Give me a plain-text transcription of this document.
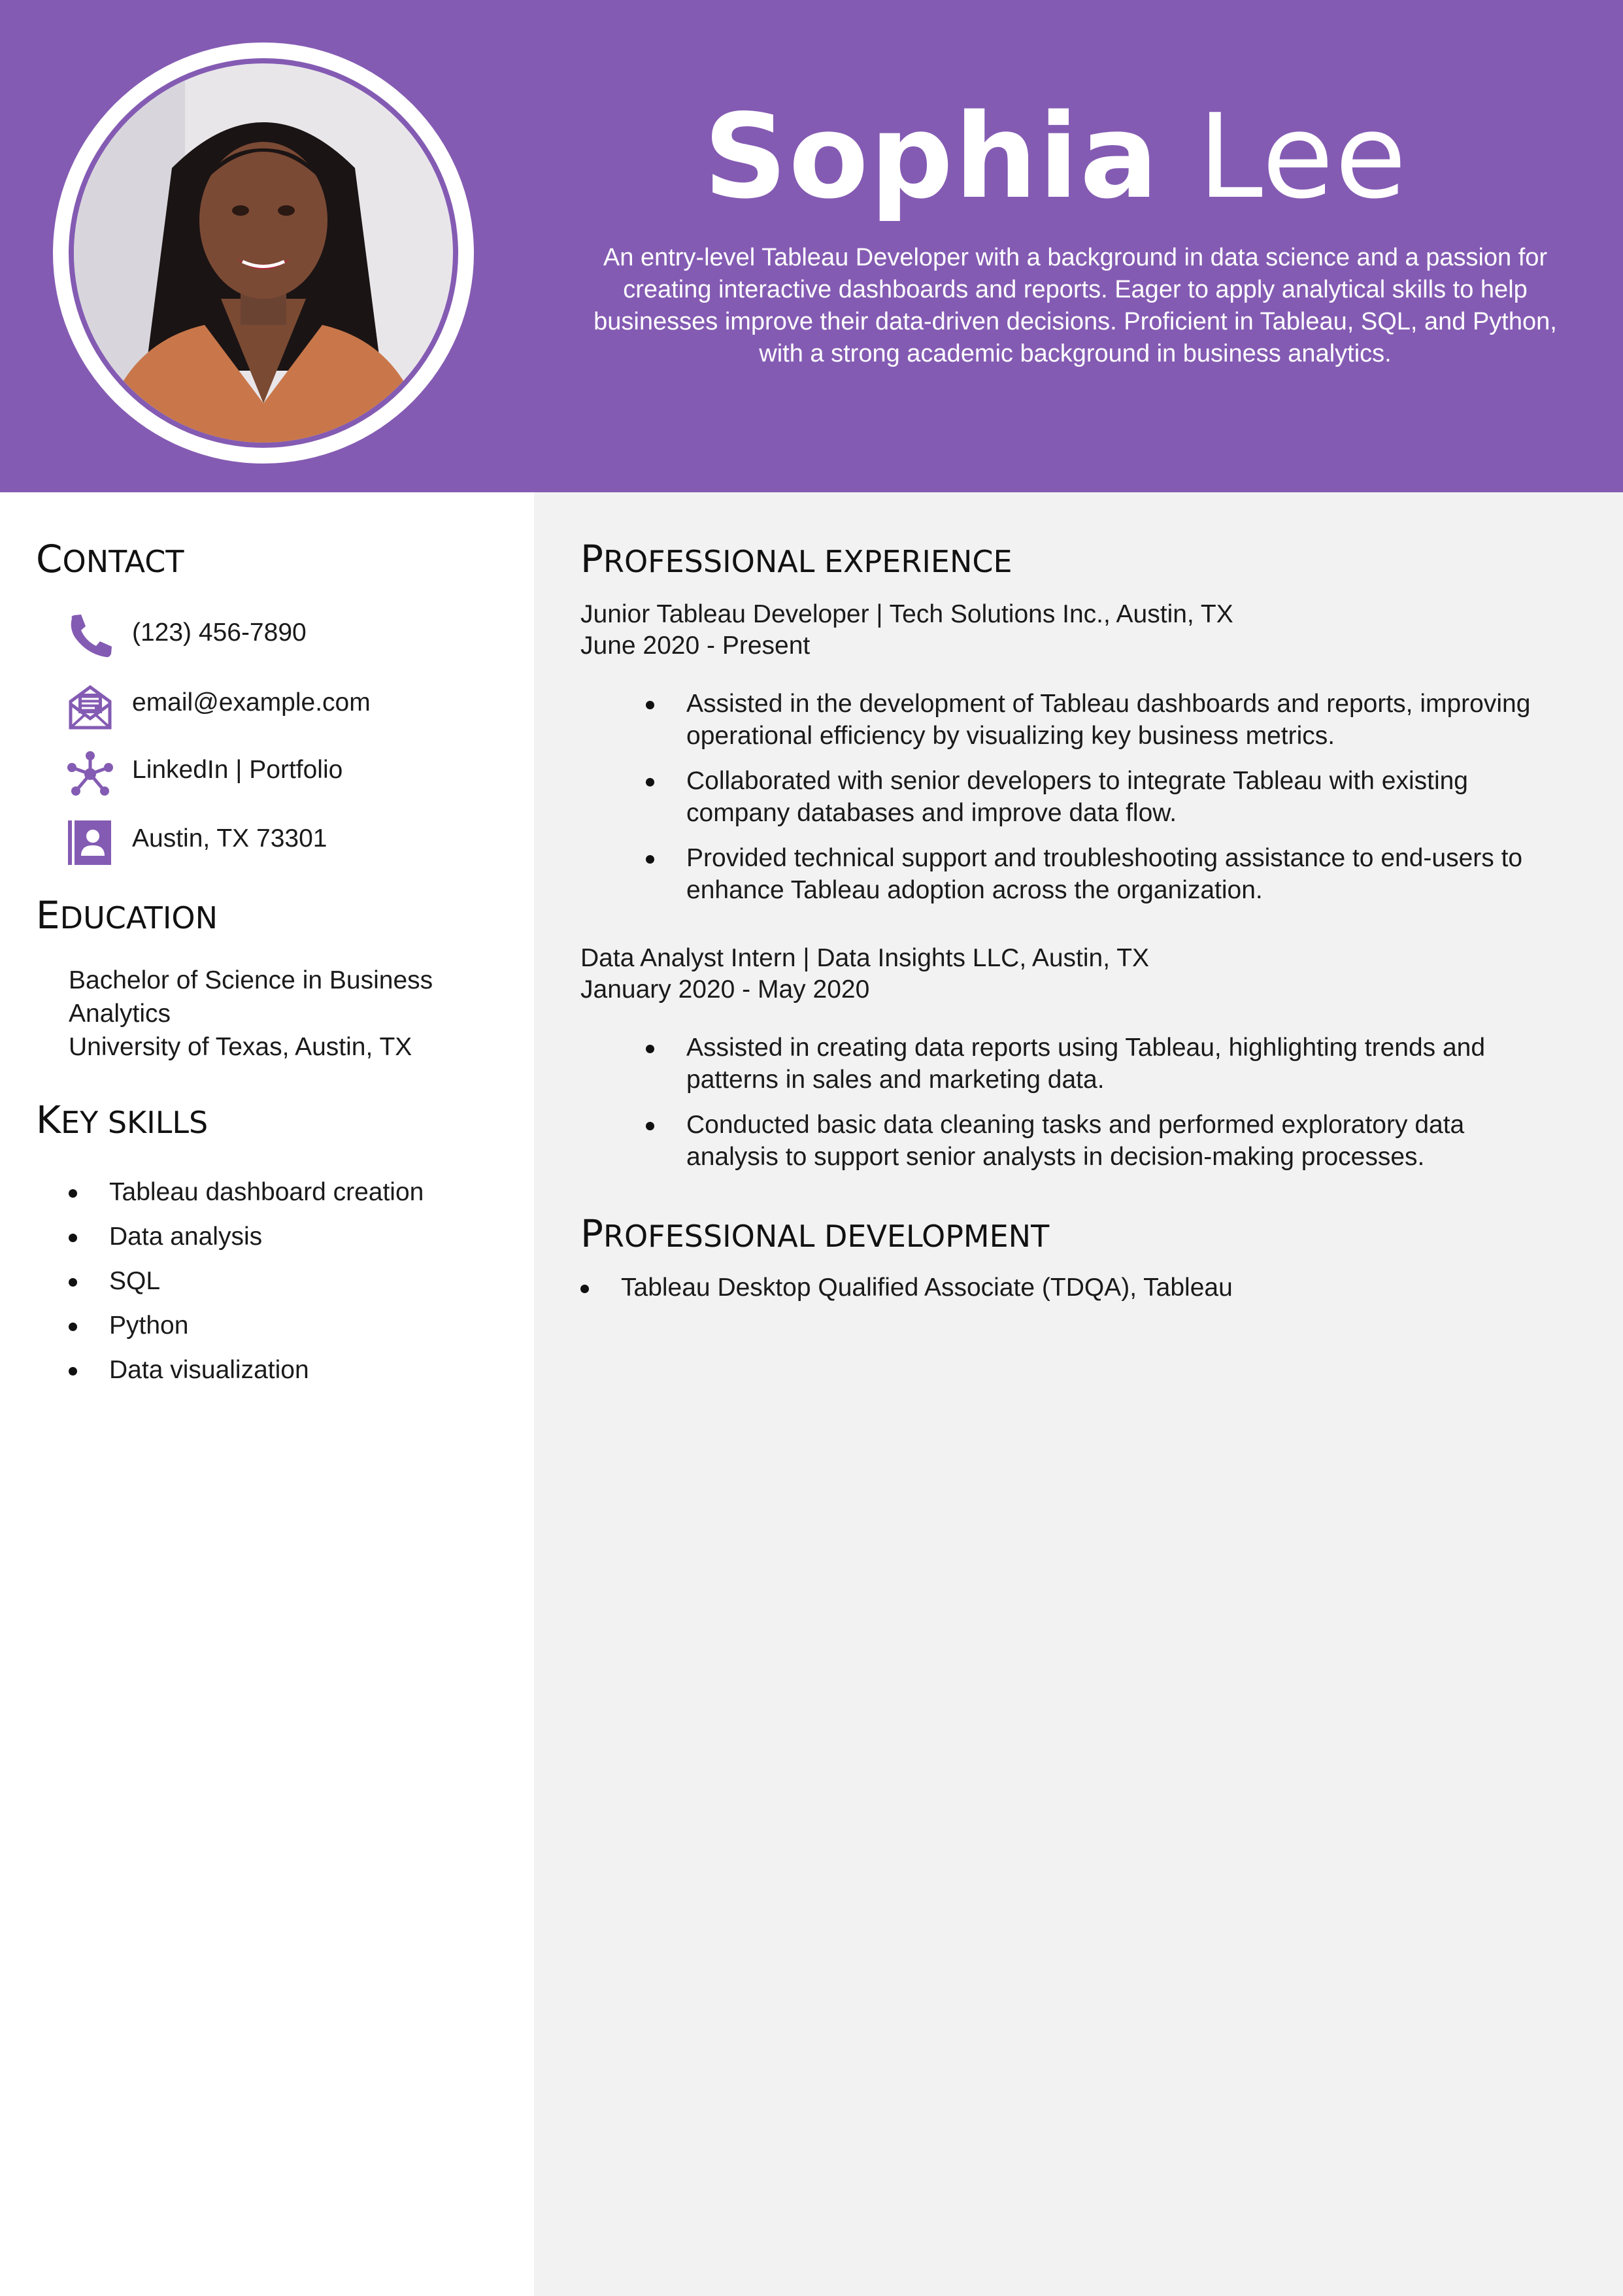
Sophia Lee
An entry-level Tableau Developer with a background in data science and a passion for creating interactive dashboards and reports. Eager to apply analytical skills to help businesses improve their data-driven decisions. Proficient in Tableau, SQL, and Python, with a strong academic background in business analytics.
CONTACT
(123) 456-7890
email@example.com
LinkedIn | Portfolio
Austin, TX 73301
EDUCATION
Bachelor of Science in Business Analytics
University of Texas, Austin, TX
KEY SKILLS
Tableau dashboard creation
Data analysis
SQL
Python
Data visualization
PROFESSIONAL EXPERIENCE
Junior Tableau Developer | Tech Solutions Inc., Austin, TX
June 2020 - Present
Assisted in the development of Tableau dashboards and reports, improving operational efficiency by visualizing key business metrics.
Collaborated with senior developers to integrate Tableau with existing company databases and improve data flow.
Provided technical support and troubleshooting assistance to end-users to enhance Tableau adoption across the organization.
Data Analyst Intern | Data Insights LLC, Austin, TX
January 2020 - May 2020
Assisted in creating data reports using Tableau, highlighting trends and patterns in sales and marketing data.
Conducted basic data cleaning tasks and performed exploratory data analysis to support senior analysts in decision-making processes.
PROFESSIONAL DEVELOPMENT
Tableau Desktop Qualified Associate (TDQA), Tableau
